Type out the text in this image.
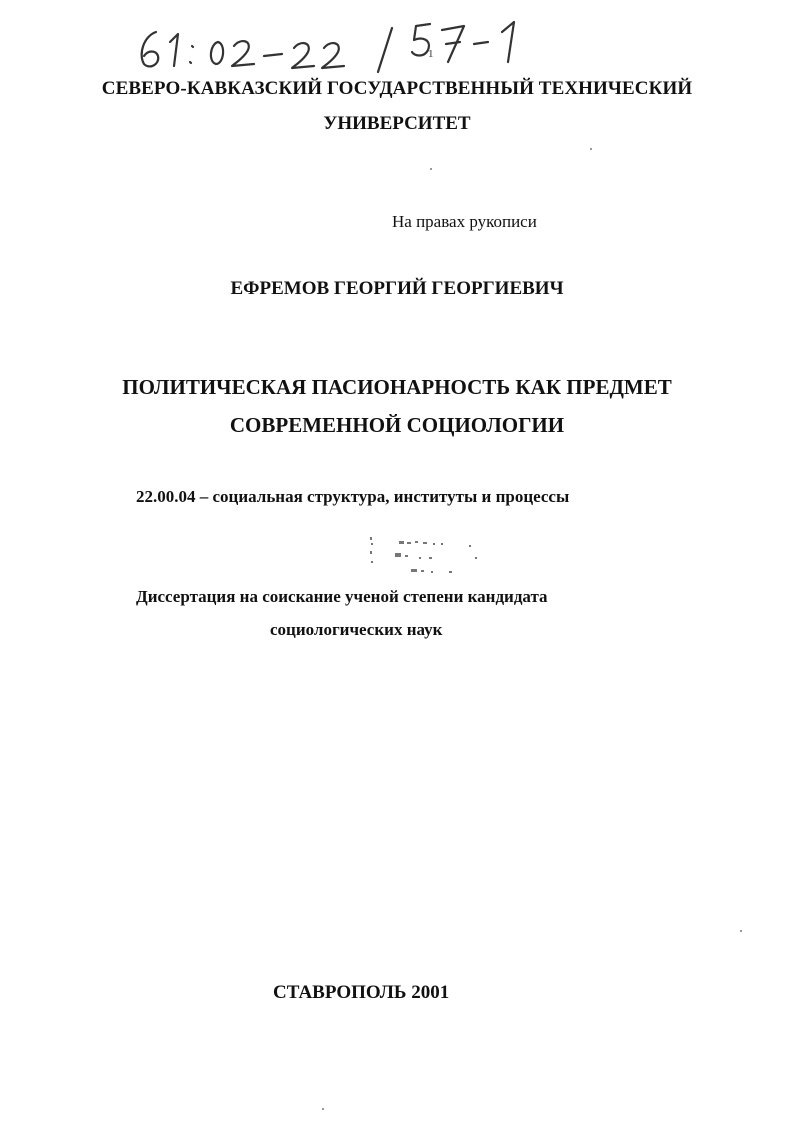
1
СЕВЕРО-КАВКАЗСКИЙ ГОСУДАРСТВЕННЫЙ ТЕХНИЧЕСКИЙ
УНИВЕРСИТЕТ
На правах рукописи
ЕФРЕМОВ ГЕОРГИЙ ГЕОРГИЕВИЧ
ПОЛИТИЧЕСКАЯ ПАСИОНАРНОСТЬ КАК ПРЕДМЕТ
СОВРЕМЕННОЙ СОЦИОЛОГИИ
22.00.04 – социальная структура, институты и процессы
Диссертация на соискание ученой степени кандидата
социологических наук
СТАВРОПОЛЬ 2001
